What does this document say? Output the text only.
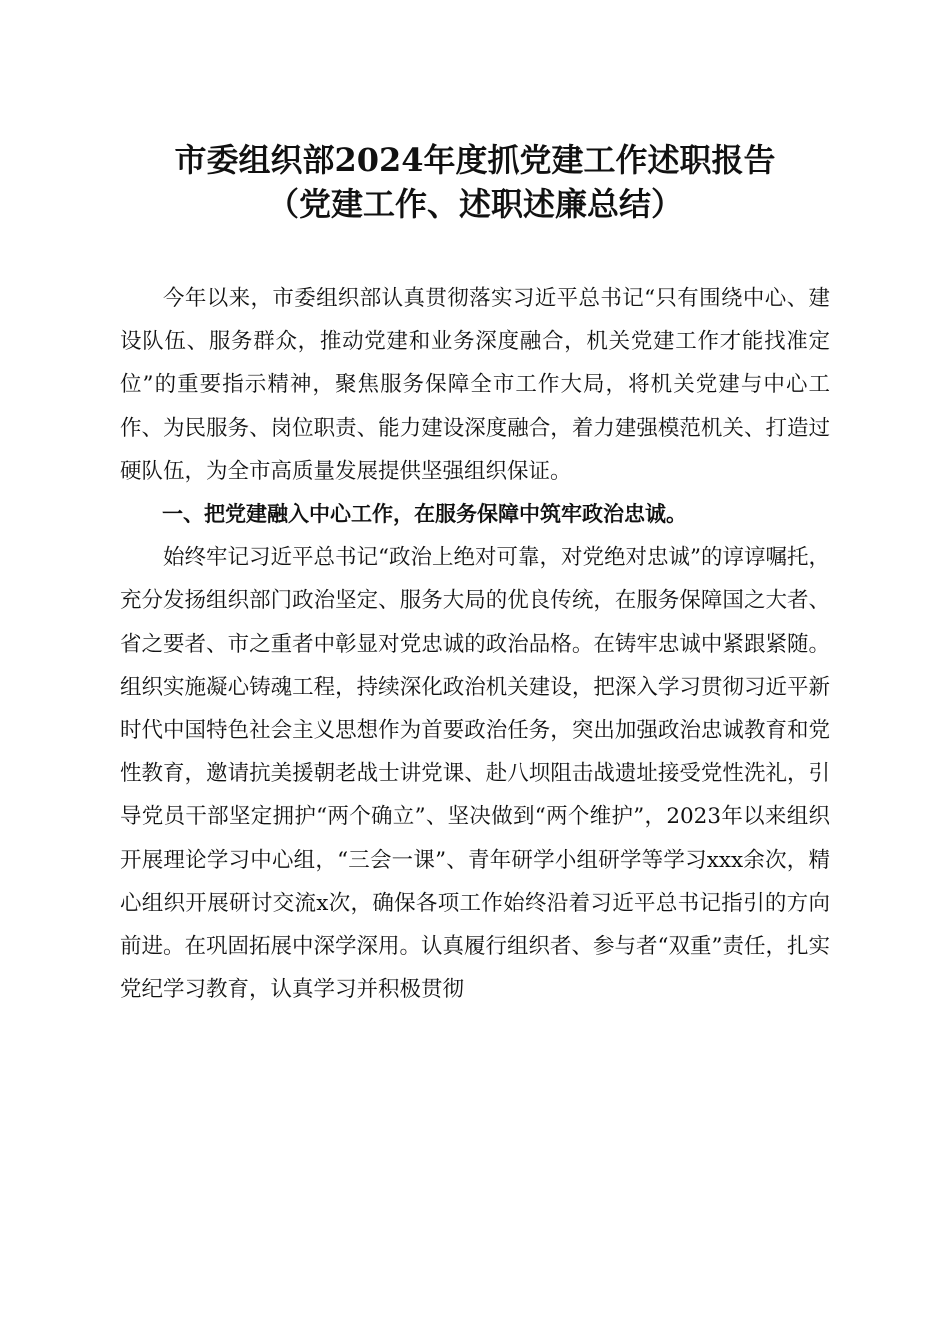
市委组织部2024年度抓党建工作述职报告
（党建工作、述职述廉总结）

今年以来，市委组织部认真贯彻落实习近平总书记“只有围绕中心、建设队伍、服务群众，推动党建和业务深度融合，机关党建工作才能找准定位”的重要指示精神，聚焦服务保障全市工作大局，将机关党建与中心工作、为民服务、岗位职责、能力建设深度融合，着力建强模范机关、打造过硬队伍，为全市高质量发展提供坚强组织保证。

一、把党建融入中心工作，在服务保障中筑牢政治忠诚。

始终牢记习近平总书记“政治上绝对可靠，对党绝对忠诚”的谆谆嘱托，充分发扬组织部门政治坚定、服务大局的优良传统，在服务保障国之大者、省之要者、市之重者中彰显对党忠诚的政治品格。在铸牢忠诚中紧跟紧随。组织实施凝心铸魂工程，持续深化政治机关建设，把深入学习贯彻习近平新时代中国特色社会主义思想作为首要政治任务，突出加强政治忠诚教育和党性教育，邀请抗美援朝老战士讲党课、赴八坝阻击战遗址接受党性洗礼，引导党员干部坚定拥护“两个确立”、坚决做到“两个维护”，2023年以来组织开展理论学习中心组，“三会一课”、青年研学小组研学等学习xxx余次，精心组织开展研讨交流x次，确保各项工作始终沿着习近平总书记指引的方向前进。在巩固拓展中深学深用。认真履行组织者、参与者“双重”责任，扎实党纪学习教育，认真学习并积极贯彻
